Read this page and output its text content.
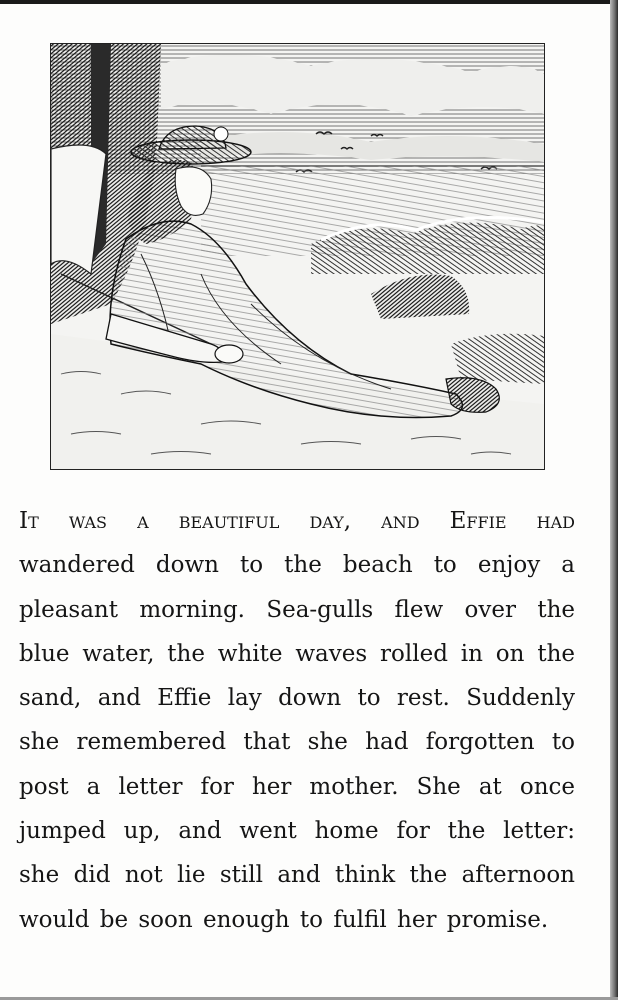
It was a beautiful day, and Effie had
wandered down to the beach to enjoy a
pleasant morning. Sea-gulls flew over the
blue water, the white waves rolled in on the
sand, and Effie lay down to rest. Suddenly
she remembered that she had forgotten to
post a letter for her mother. She at once
jumped up, and went home for the letter:
she did not lie still and think the afternoon
would be soon enough to fulfil her promise.
